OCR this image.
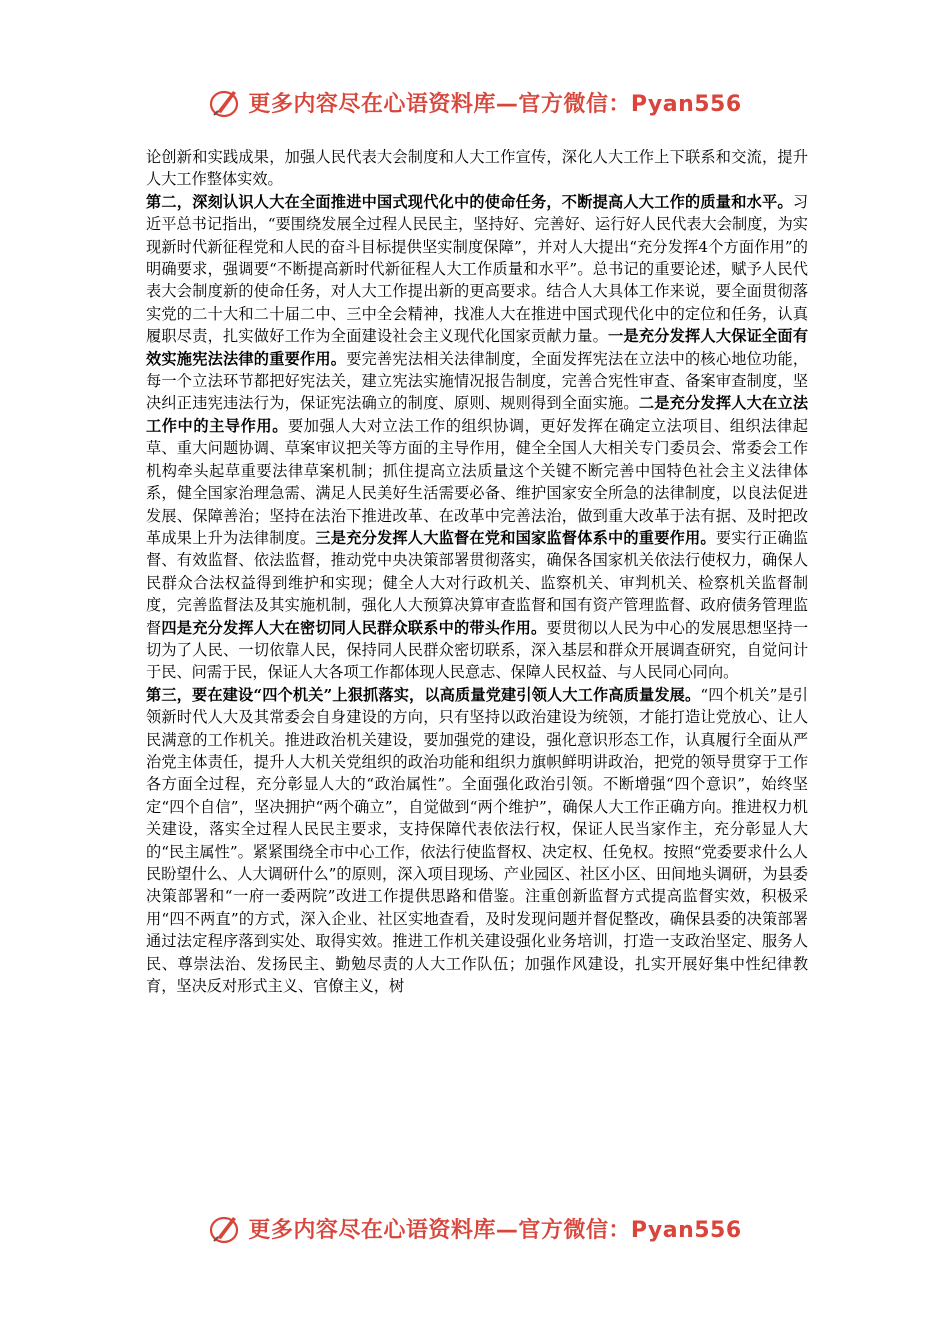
更多内容尽在心语资料库—官方微信：Pyan556

论创新和实践成果，加强人民代表大会制度和人大工作宣传，深化人大工作上下联系和交流，提升人大工作整体实效。

第二，深刻认识人大在全面推进中国式现代化中的使命任务，不断提高人大工作的质量和水平。习近平总书记指出，“要围绕发展全过程人民民主，坚持好、完善好、运行好人民代表大会制度，为实现新时代新征程党和人民的奋斗目标提供坚实制度保障”，并对人大提出“充分发挥4个方面作用”的明确要求，强调要“不断提高新时代新征程人大工作质量和水平”。总书记的重要论述，赋予人民代表大会制度新的使命任务，对人大工作提出新的更高要求。结合人大具体工作来说，要全面贯彻落实党的二十大和二十届二中、三中全会精神，找准人大在推进中国式现代化中的定位和任务，认真履职尽责，扎实做好工作为全面建设社会主义现代化国家贡献力量。一是充分发挥人大保证全面有效实施宪法法律的重要作用。要完善宪法相关法律制度，全面发挥宪法在立法中的核心地位功能，每一个立法环节都把好宪法关，建立宪法实施情况报告制度，完善合宪性审查、备案审查制度，坚决纠正违宪违法行为，保证宪法确立的制度、原则、规则得到全面实施。二是充分发挥人大在立法工作中的主导作用。要加强人大对立法工作的组织协调，更好发挥在确定立法项目、组织法律起草、重大问题协调、草案审议把关等方面的主导作用，健全全国人大相关专门委员会、常委会工作机构牵头起草重要法律草案机制；抓住提高立法质量这个关键不断完善中国特色社会主义法律体系，健全国家治理急需、满足人民美好生活需要必备、维护国家安全所急的法律制度，以良法促进发展、保障善治；坚持在法治下推进改革、在改革中完善法治，做到重大改革于法有据、及时把改革成果上升为法律制度。三是充分发挥人大监督在党和国家监督体系中的重要作用。要实行正确监督、有效监督、依法监督，推动党中央决策部署贯彻落实，确保各国家机关依法行使权力，确保人民群众合法权益得到维护和实现；健全人大对行政机关、监察机关、审判机关、检察机关监督制度，完善监督法及其实施机制，强化人大预算决算审查监督和国有资产管理监督、政府债务管理监督四是充分发挥人大在密切同人民群众联系中的带头作用。要贯彻以人民为中心的发展思想坚持一切为了人民、一切依靠人民，保持同人民群众密切联系，深入基层和群众开展调查研究，自觉问计于民、问需于民，保证人大各项工作都体现人民意志、保障人民权益、与人民同心同向。

第三，要在建设“四个机关”上狠抓落实，以高质量党建引领人大工作高质量发展。“四个机关”是引领新时代人大及其常委会自身建设的方向，只有坚持以政治建设为统领，才能打造让党放心、让人民满意的工作机关。推进政治机关建设，要加强党的建设，强化意识形态工作，认真履行全面从严治党主体责任，提升人大机关党组织的政治功能和组织力旗帜鲜明讲政治，把党的领导贯穿于工作各方面全过程，充分彰显人大的“政治属性”。全面强化政治引领。不断增强“四个意识”，始终坚定“四个自信”，坚决拥护“两个确立”，自觉做到“两个维护”，确保人大工作正确方向。推进权力机关建设，落实全过程人民民主要求，支持保障代表依法行权，保证人民当家作主，充分彰显人大的“民主属性”。紧紧围绕全市中心工作，依法行使监督权、决定权、任免权。按照“党委要求什么人民盼望什么、人大调研什么”的原则，深入项目现场、产业园区、社区小区、田间地头调研，为县委决策部署和“一府一委两院”改进工作提供思路和借鉴。注重创新监督方式提高监督实效，积极采用“四不两直”的方式，深入企业、社区实地查看，及时发现问题并督促整改，确保县委的决策部署通过法定程序落到实处、取得实效。推进工作机关建设强化业务培训，打造一支政治坚定、服务人民、尊崇法治、发扬民主、勤勉尽责的人大工作队伍；加强作风建设，扎实开展好集中性纪律教育，坚决反对形式主义、官僚主义，树

更多内容尽在心语资料库—官方微信：Pyan556
